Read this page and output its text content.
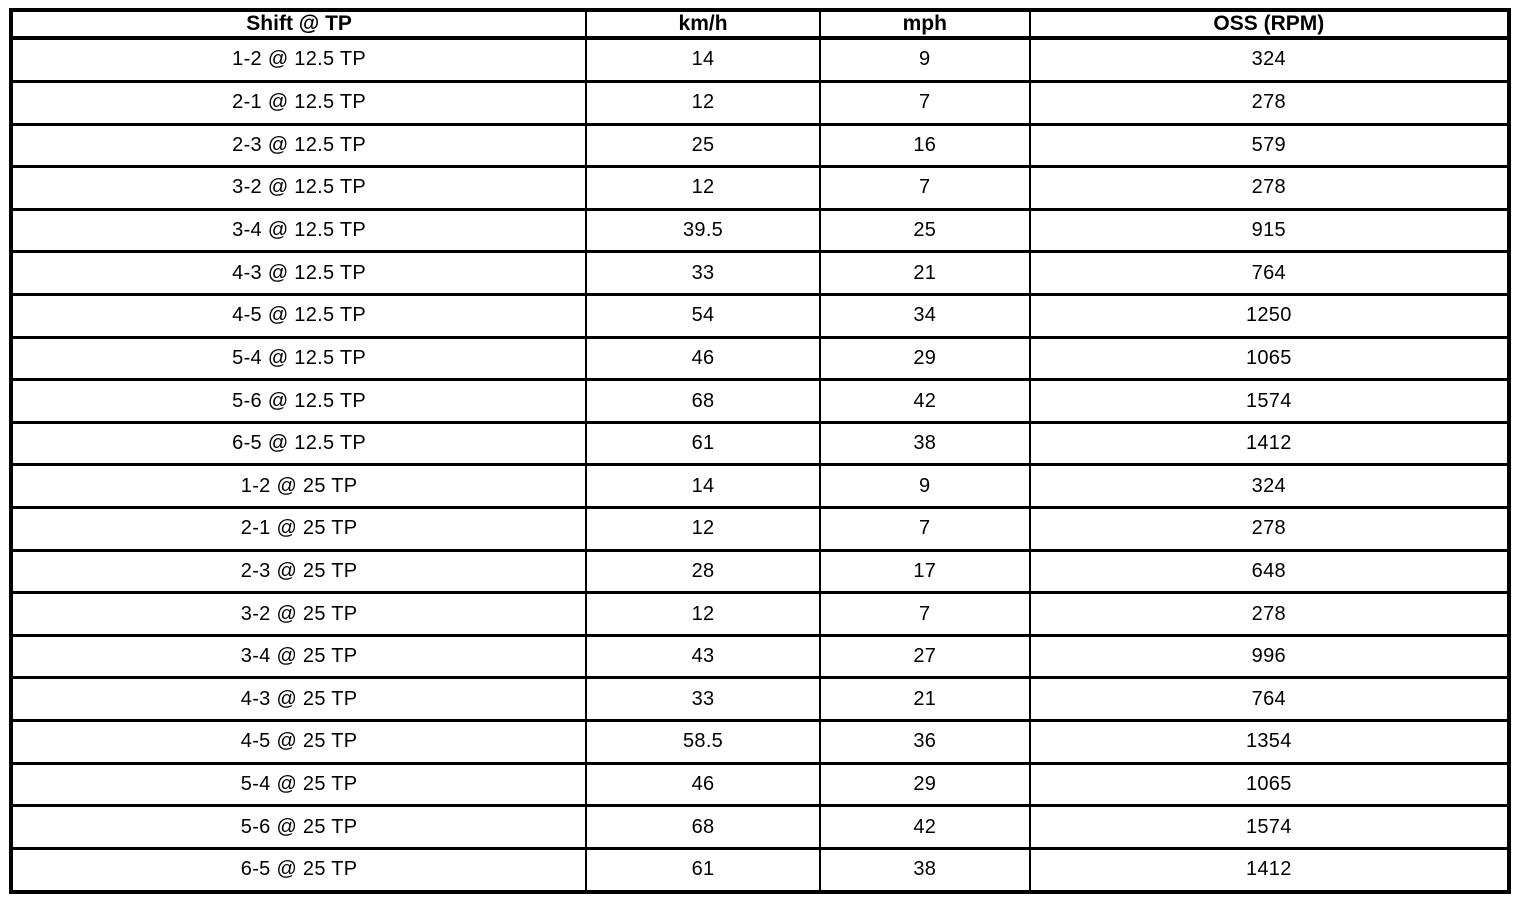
Shift @ TP	km/h	mph	OSS (RPM)
1-2 @ 12.5 TP	14	9	324
2-1 @ 12.5 TP	12	7	278
2-3 @ 12.5 TP	25	16	579
3-2 @ 12.5 TP	12	7	278
3-4 @ 12.5 TP	39.5	25	915
4-3 @ 12.5 TP	33	21	764
4-5 @ 12.5 TP	54	34	1250
5-4 @ 12.5 TP	46	29	1065
5-6 @ 12.5 TP	68	42	1574
6-5 @ 12.5 TP	61	38	1412
1-2 @ 25 TP	14	9	324
2-1 @ 25 TP	12	7	278
2-3 @ 25 TP	28	17	648
3-2 @ 25 TP	12	7	278
3-4 @ 25 TP	43	27	996
4-3 @ 25 TP	33	21	764
4-5 @ 25 TP	58.5	36	1354
5-4 @ 25 TP	46	29	1065
5-6 @ 25 TP	68	42	1574
6-5 @ 25 TP	61	38	1412
